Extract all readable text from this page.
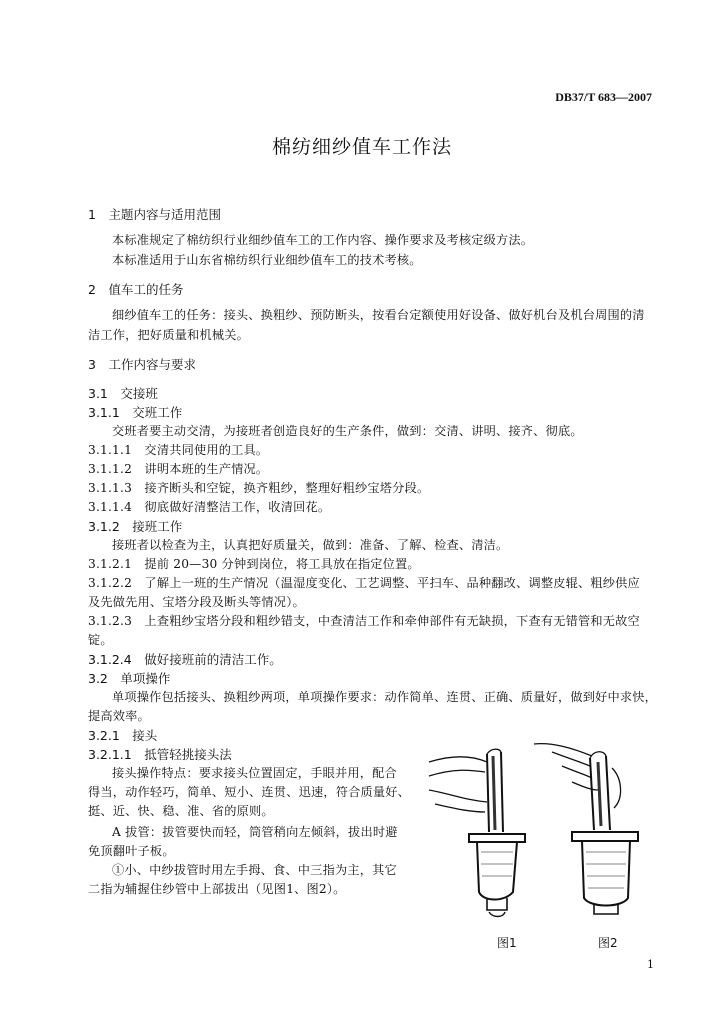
DB37/T 683—2007
棉纺细纱值车工作法
1　主题内容与适用范围
本标准规定了棉纺织行业细纱值车工的工作内容、操作要求及考核定级方法。
本标准适用于山东省棉纺织行业细纱值车工的技术考核。
2　值车工的任务
细纱值车工的任务：接头、换粗纱、预防断头，按看台定额使用好设备、做好机台及机台周围的清
洁工作，把好质量和机械关。
3　工作内容与要求
3.1　交接班
3.1.1　交班工作
交班者要主动交清，为接班者创造良好的生产条件，做到：交清、讲明、接齐、彻底。
3.1.1.1　交清共同使用的工具。
3.1.1.2　讲明本班的生产情况。
3.1.1.3　接齐断头和空锭，换齐粗纱，整理好粗纱宝塔分段。
3.1.1.4　彻底做好清整洁工作，收清回花。
3.1.2　接班工作
接班者以检查为主，认真把好质量关，做到：准备、了解、检查、清洁。
3.1.2.1　提前 20—30 分钟到岗位，将工具放在指定位置。
3.1.2.2　了解上一班的生产情况（温湿度变化、工艺调整、平扫车、品种翻改、调整皮辊、粗纱供应
及先做先用、宝塔分段及断头等情况）。
3.1.2.3　上查粗纱宝塔分段和粗纱错支，中查清洁工作和牵伸部件有无缺损，下查有无错管和无故空
锭。
3.1.2.4　做好接班前的清洁工作。
3.2　单项操作
单项操作包括接头、换粗纱两项，单项操作要求：动作简单、连贯、正确、质量好，做到好中求快，
提高效率。
3.2.1　接头
3.2.1.1　抵管轻挑接头法
接头操作特点：要求接头位置固定，手眼并用，配合
得当，动作轻巧，简单、短小、连贯、迅速，符合质量好、
挺、近、快、稳、准、省的原则。
A 拔管：拔管要快而轻，筒管稍向左倾斜，拔出时避
免顶翻叶子板。
①小、中纱拔管时用左手拇、食、中三指为主，其它
二指为辅握住纱管中上部拔出（见图1、图2）。
图1	图2
1
